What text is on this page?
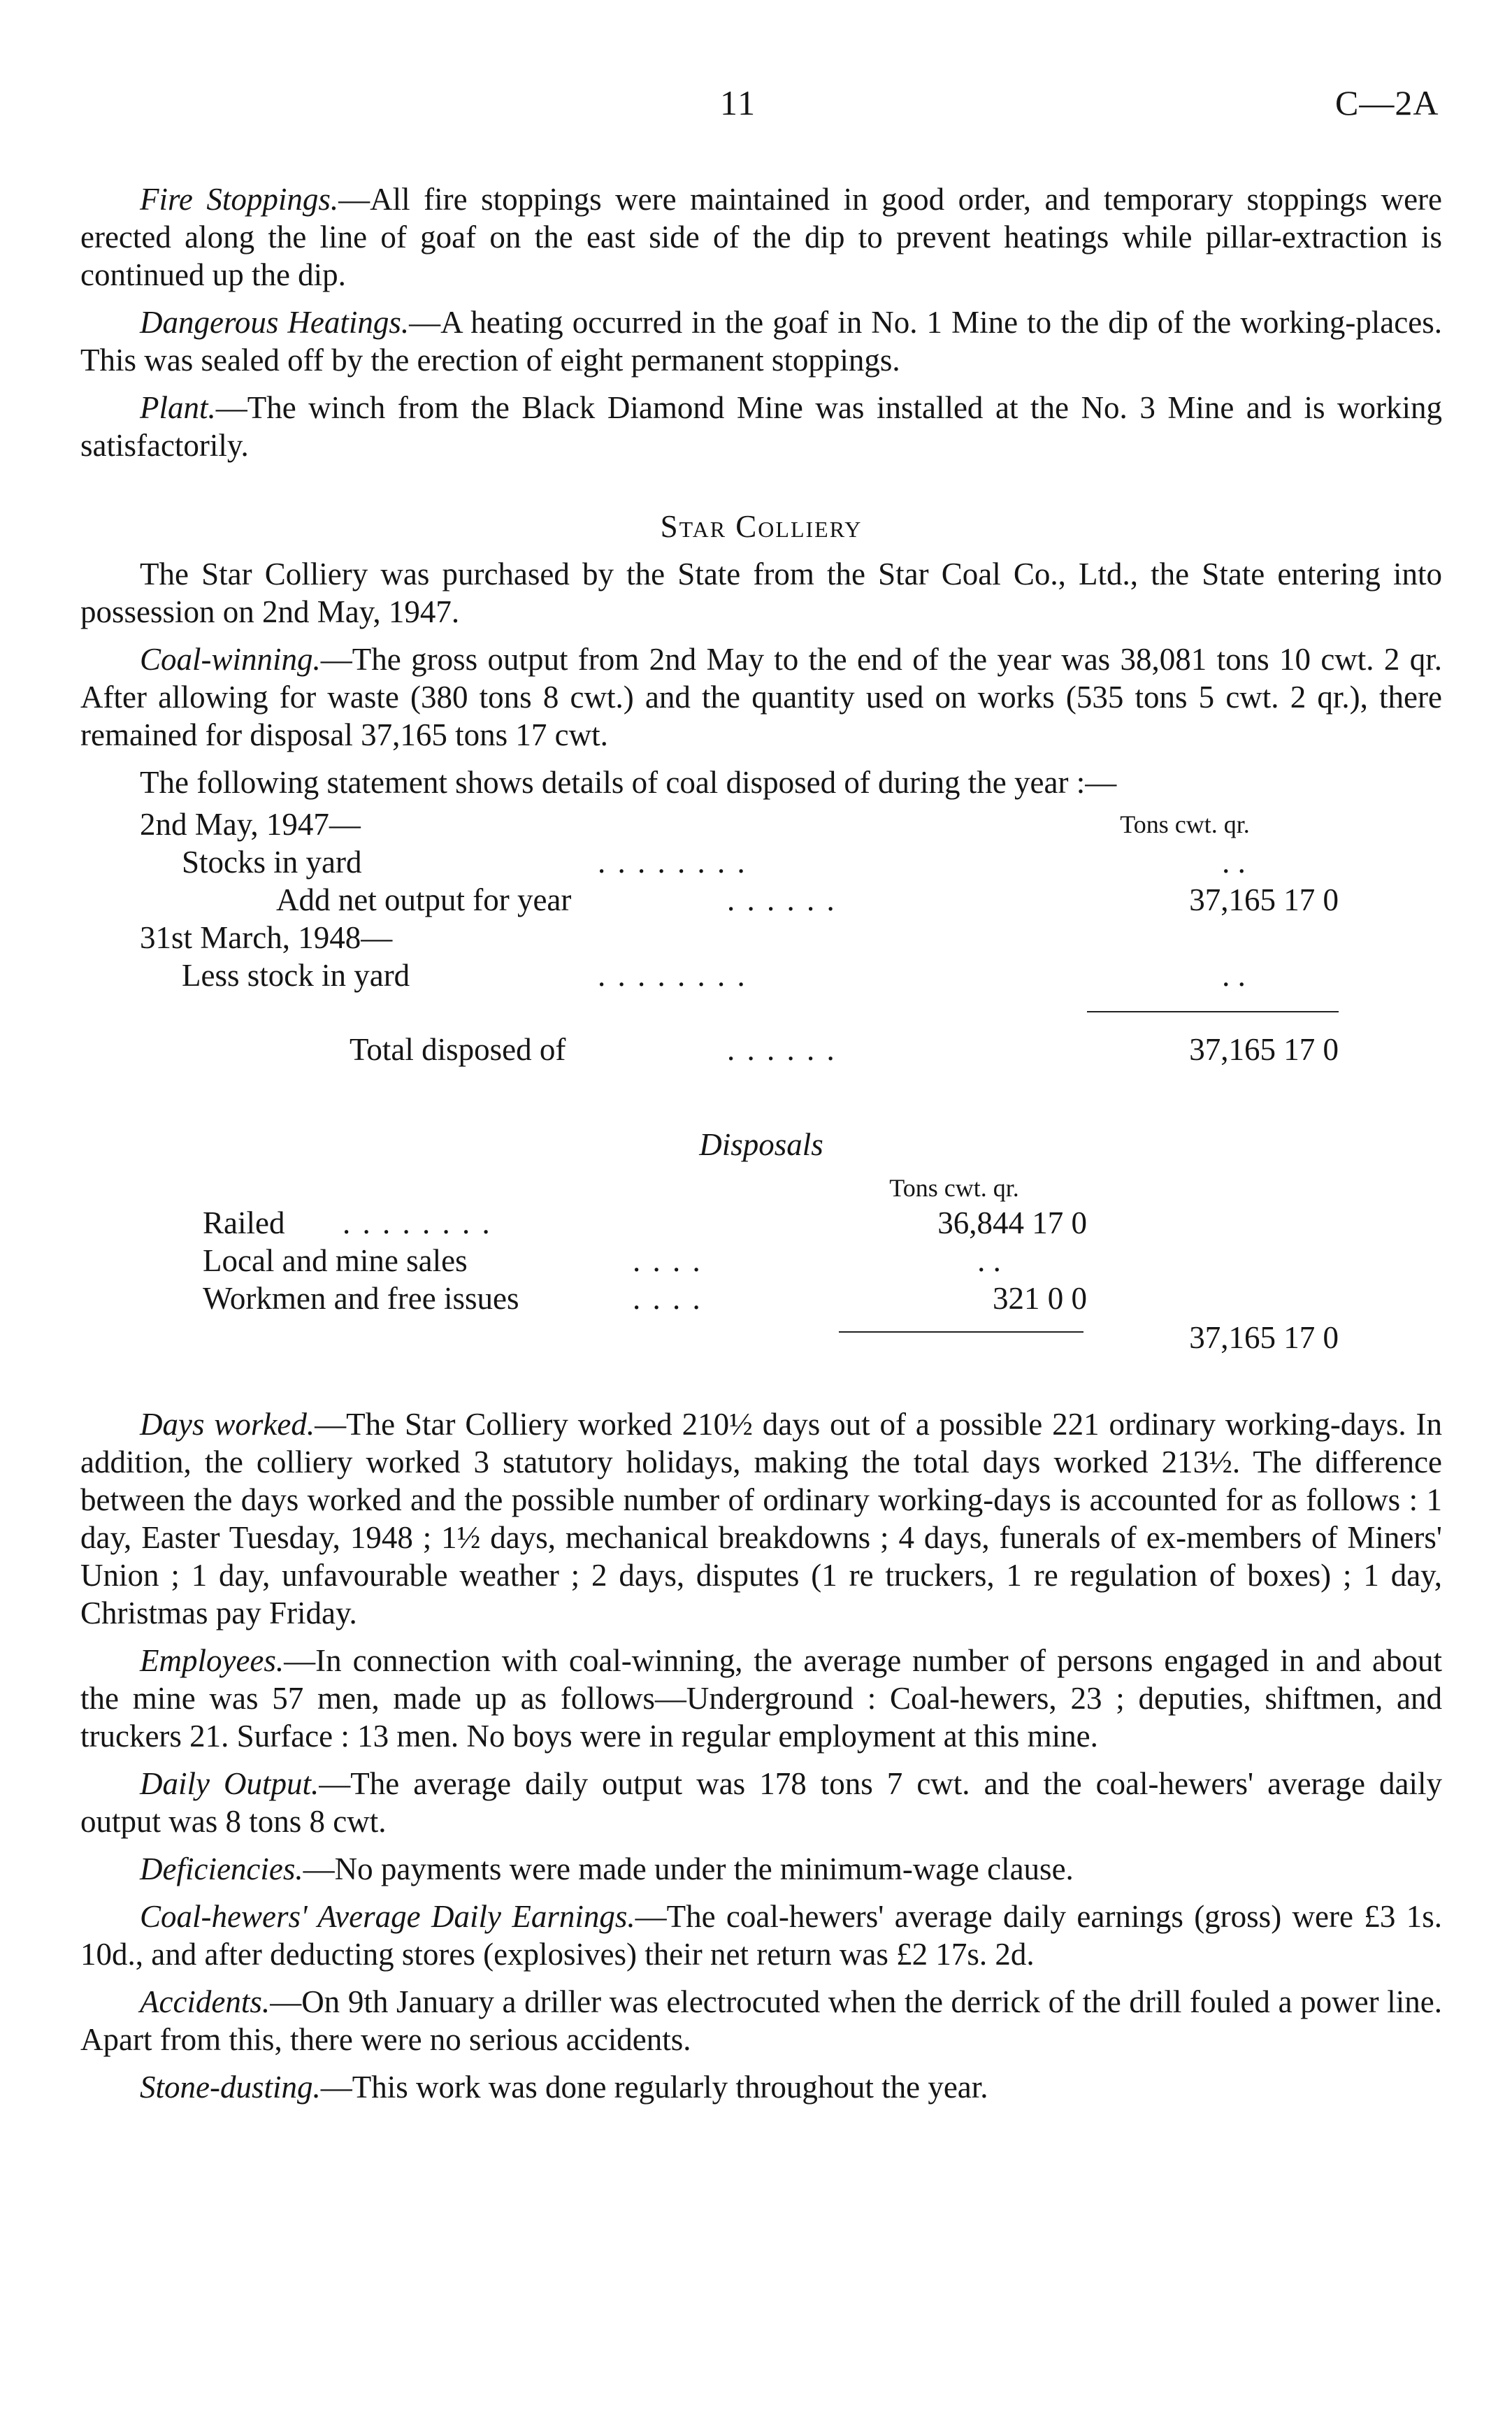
11	C—2A

Fire Stoppings.—All fire stoppings were maintained in good order, and temporary stoppings were erected along the line of goaf on the east side of the dip to prevent heatings while pillar-extraction is continued up the dip.

Dangerous Heatings.—A heating occurred in the goaf in No. 1 Mine to the dip of the working-places. This was sealed off by the erection of eight permanent stoppings.

Plant.—The winch from the Black Diamond Mine was installed at the No. 3 Mine and is working satisfactorily.

Star Colliery

The Star Colliery was purchased by the State from the Star Coal Co., Ltd., the State entering into possession on 2nd May, 1947.

Coal-winning.—The gross output from 2nd May to the end of the year was 38,081 tons 10 cwt. 2 qr. After allowing for waste (380 tons 8 cwt.) and the quantity used on works (535 tons 5 cwt. 2 qr.), there remained for disposal 37,165 tons 17 cwt.

The following statement shows details of coal disposed of during the year :—

2nd May, 1947—	Tons cwt. qr.
Stocks in yard	. . . . . . . .	. .
Add net output for year	. . . . . .	37,165 17 0
31st March, 1948—
Less stock in yard	. . . . . . . .	. .
Total disposed of	. . . . . .	37,165 17 0
Disposals
Tons cwt. qr.
Railed . . . . . . . .	36,844 17 0
Local and mine sales	. . . .	. .
Workmen and free issues	. . . .	321 0 0
37,165 17 0

Days worked.—The Star Colliery worked 210½ days out of a possible 221 ordinary working-days. In addition, the colliery worked 3 statutory holidays, making the total days worked 213½. The difference between the days worked and the possible number of ordinary working-days is accounted for as follows : 1 day, Easter Tuesday, 1948 ; 1½ days, mechanical breakdowns ; 4 days, funerals of ex-members of Miners' Union ; 1 day, unfavourable weather ; 2 days, disputes (1 re truckers, 1 re regulation of boxes) ; 1 day, Christmas pay Friday.

Employees.—In connection with coal-winning, the average number of persons engaged in and about the mine was 57 men, made up as follows—Underground : Coal-hewers, 23 ; deputies, shiftmen, and truckers 21. Surface : 13 men. No boys were in regular employment at this mine.

Daily Output.—The average daily output was 178 tons 7 cwt. and the coal-hewers' average daily output was 8 tons 8 cwt.

Deficiencies.—No payments were made under the minimum-wage clause.

Coal-hewers' Average Daily Earnings.—The coal-hewers' average daily earnings (gross) were £3 1s. 10d., and after deducting stores (explosives) their net return was £2 17s. 2d.

Accidents.—On 9th January a driller was electrocuted when the derrick of the drill fouled a power line. Apart from this, there were no serious accidents.

Stone-dusting.—This work was done regularly throughout the year.
